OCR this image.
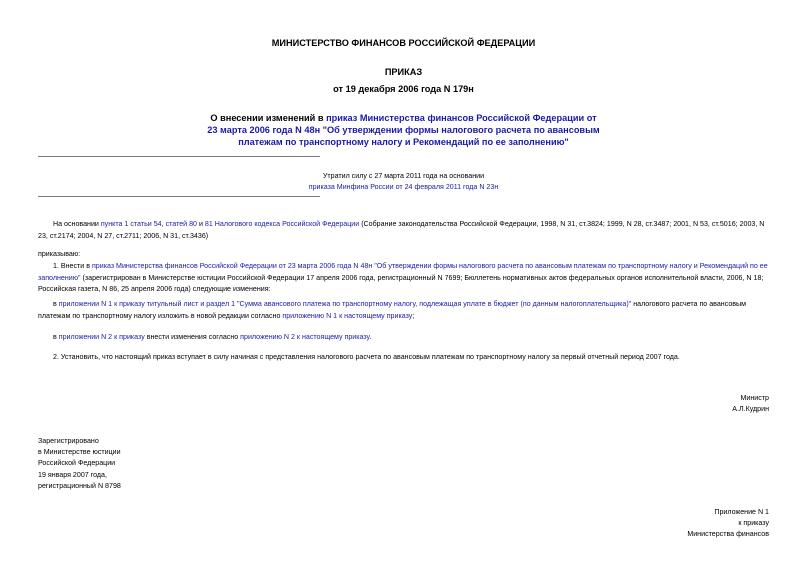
МИНИСТЕРСТВО ФИНАНСОВ РОССИЙСКОЙ ФЕДЕРАЦИИ
ПРИКАЗ
от 19 декабря 2006 года N 179н
О внесении изменений в приказ Министерства финансов Российской Федерации от 23 марта 2006 года N 48н "Об утверждении формы налогового расчета по авансовым платежам по транспортному налогу и Рекомендаций по ее заполнению"
Утратил силу с 27 марта 2011 года на основании
приказа Минфина России от 24 февраля 2011 года N 23н
На основании пункта 1 статьи 54, статей 80 и 81 Налогового кодекса Российской Федерации (Собрание законодательства Российской Федерации, 1998, N 31, ст.3824; 1999, N 28, ст.3487; 2001, N 53, ст.5016; 2003, N 23, ст.2174; 2004, N 27, ст.2711; 2006, N 31, ст.3436)
приказываю:
1. Внести в приказ Министерства финансов Российской Федерации от 23 марта 2006 года N 48н "Об утверждении формы налогового расчета по авансовым платежам по транспортному налогу и Рекомендаций по ее заполнению" (зарегистрирован в Министерстве юстиции Российской Федерации 17 апреля 2006 года, регистрационный N 7699; Бюллетень нормативных актов федеральных органов исполнительной власти, 2006, N 18; Российская газета, N 86, 25 апреля 2006 года) следующие изменения:
в приложении N 1 к приказу титульный лист и раздел 1 "Сумма авансового платежа по транспортному налогу, подлежащая уплате в бюджет (по данным налогоплательщика)" налогового расчета по авансовым платежам по транспортному налогу изложить в новой редакции согласно приложению N 1 к настоящему приказу;
в приложении N 2 к приказу внести изменения согласно приложению N 2 к настоящему приказу.
2. Установить, что настоящий приказ вступает в силу начиная с представления налогового расчета по авансовым платежам по транспортному налогу за первый отчетный период 2007 года.
Министр
А.Л.Кудрин
Зарегистрировано
в Министерстве юстиции
Российской Федерации
19 января 2007 года,
регистрационный N 8798
Приложение N 1
к приказу
Министерства финансов
